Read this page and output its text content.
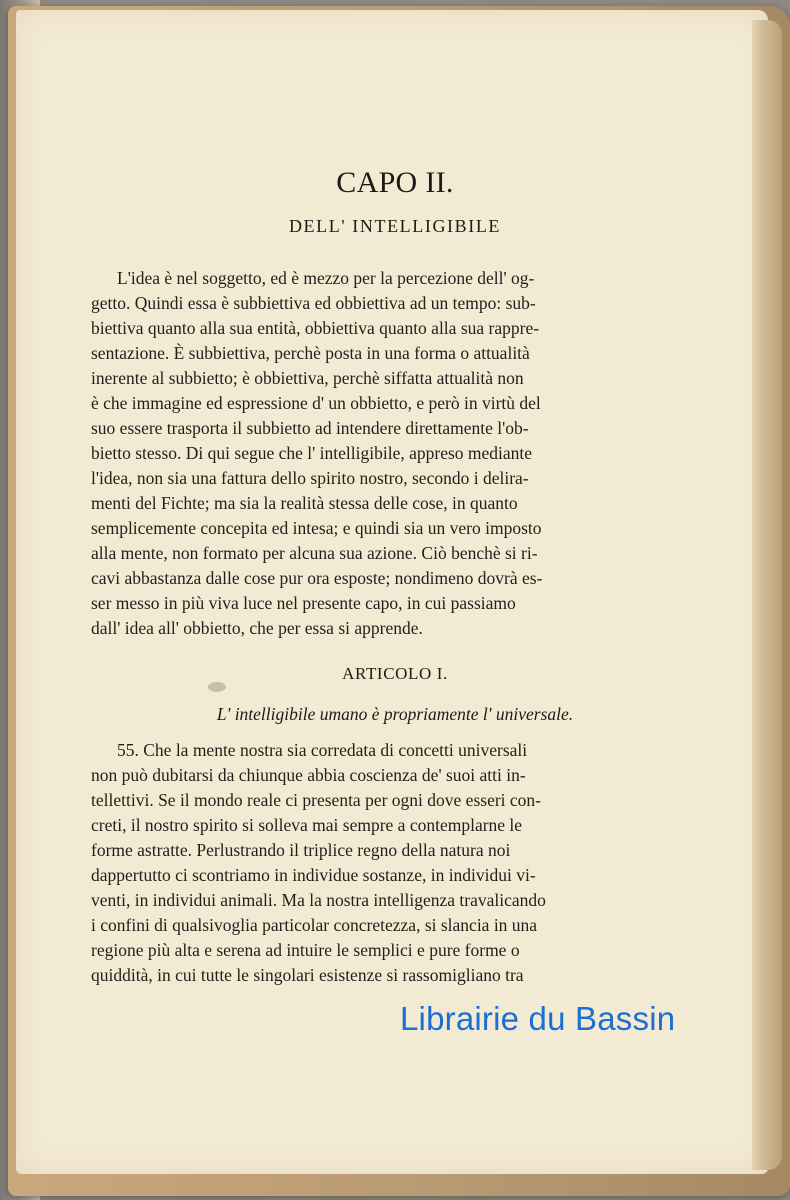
CAPO II.
DELL' INTELLIGIBILE
L'idea è nel soggetto, ed è mezzo per la percezione dell' og-
getto. Quindi essa è subbiettiva ed obbiettiva ad un tempo: sub-
biettiva quanto alla sua entità, obbiettiva quanto alla sua rappre-
sentazione. È subbiettiva, perchè posta in una forma o attualità
inerente al subbietto; è obbiettiva, perchè siffatta attualità non
è che immagine ed espressione d' un obbietto, e però in virtù del
suo essere trasporta il subbietto ad intendere direttamente l'ob-
bietto stesso. Di qui segue che l' intelligibile, appreso mediante
l'idea, non sia una fattura dello spirito nostro, secondo i delira-
menti del Fichte; ma sia la realità stessa delle cose, in quanto
semplicemente concepita ed intesa; e quindi sia un vero imposto
alla mente, non formato per alcuna sua azione. Ciò benchè si ri-
cavi abbastanza dalle cose pur ora esposte; nondimeno dovrà es-
ser messo in più viva luce nel presente capo, in cui passiamo
dall' idea all' obbietto, che per essa si apprende.
ARTICOLO I.
L' intelligibile umano è propriamente l' universale.
55. Che la mente nostra sia corredata di concetti universali
non può dubitarsi da chiunque abbia coscienza de' suoi atti in-
tellettivi. Se il mondo reale ci presenta per ogni dove esseri con-
creti, il nostro spirito si solleva mai sempre a contemplarne le
forme astratte. Perlustrando il triplice regno della natura noi
dappertutto ci scontriamo in individue sostanze, in individui vi-
venti, in individui animali. Ma la nostra intelligenza travalicando
i confini di qualsivoglia particolar concretezza, si slancia in una
regione più alta e serena ad intuire le semplici e pure forme o
quiddità, in cui tutte le singolari esistenze si rassomigliano tra
Librairie du Bassin
